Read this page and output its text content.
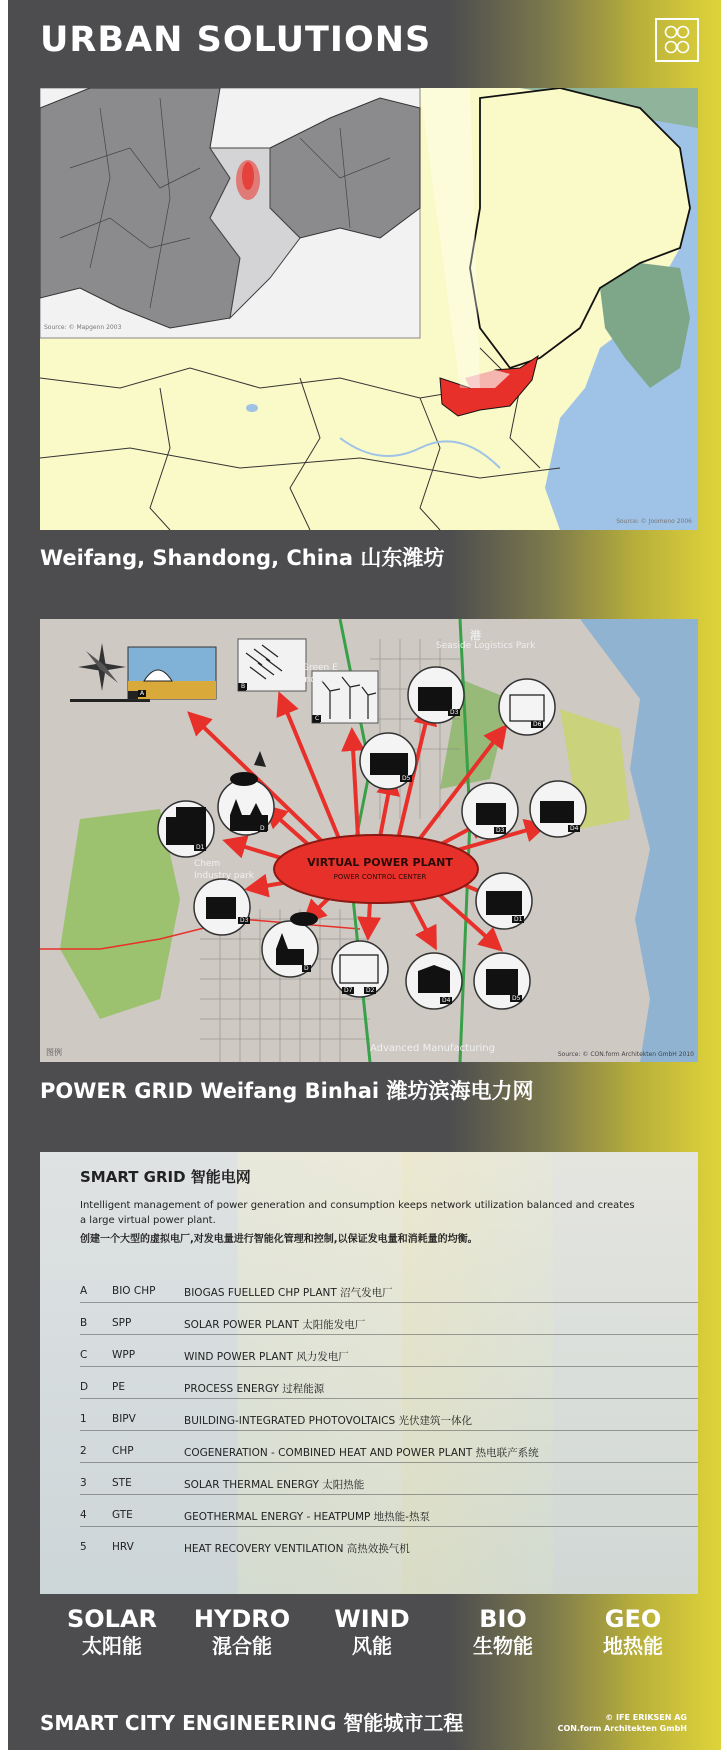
URBAN SOLUTIONS
Source: © Mapgenn 2003
Source: © Joomeno 2006
Weifang, Shandong, China 山东潍坊
VIRTUAL POWER PLANT
POWER CONTROL CENTER
港
Seaside Logistics Park
Green E
Industry
Chem
Industry park
Advanced Manufacturing
图例	Source: © CON.form Architekten GmbH 2010
A
B
C
D
D
D1
D1
D2
D3
D3
D3
D4
D4
D5
D5
D6
D7
POWER GRID Weifang Binhai 潍坊滨海电力网
SMART GRID 智能电网
Intelligent management of power generation and consumption keeps network utilization balanced and creates a large virtual power plant.
创建一个大型的虚拟电厂,对发电量进行智能化管理和控制,以保证发电量和消耗量的均衡。
A BIO CHP	BIOGAS FUELLED CHP PLANT 沼气发电厂
B SPP	SOLAR POWER PLANT 太阳能发电厂
C WPP	WIND POWER PLANT 风力发电厂
D PE	PROCESS ENERGY 过程能源
1 BIPV	BUILDING-INTEGRATED PHOTOVOLTAICS 光伏建筑一体化
2 CHP	COGENERATION - COMBINED HEAT AND POWER PLANT 热电联产系统
3 STE	SOLAR THERMAL ENERGY 太阳热能
4 GTE	GEOTHERMAL ENERGY - HEATPUMP 地热能-热泵
5 HRV	HEAT RECOVERY VENTILATION 高热效换气机
SOLAR
太阳能
HYDRO
混合能
WIND
风能
BIO
生物能
GEO
地热能
SMART CITY ENGINEERING 智能城市工程	© IFE ERIKSEN AG
CON.form Architekten GmbH
